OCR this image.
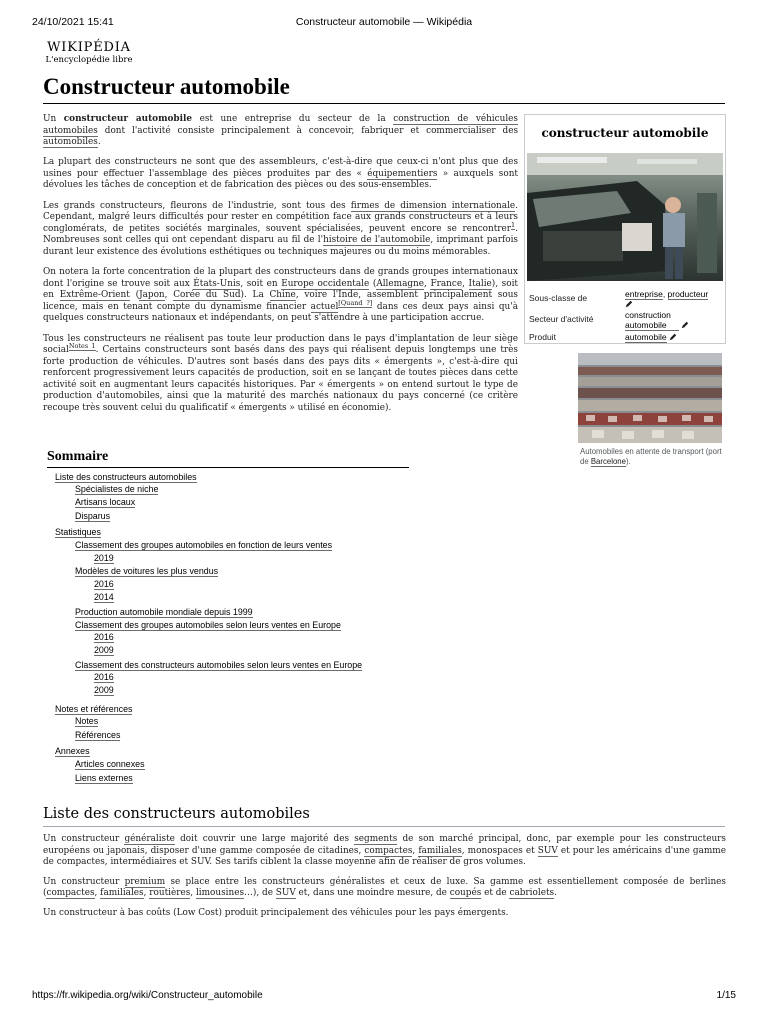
24/10/2021 15:41	Constructeur automobile — Wikipédia
WIKIPÉDIA
L'encyclopédie libre
Constructeur automobile

Un constructeur automobile est une entreprise du secteur de la construction de véhicules automobiles dont l'activité consiste principalement à concevoir, fabriquer et commercialiser des automobiles.

La plupart des constructeurs ne sont que des assembleurs, c'est-à-dire que ceux-ci n'ont plus que des usines pour effectuer l'assemblage des pièces produites par des « équipementiers » auxquels sont dévolues les tâches de conception et de fabrication des pièces ou des sous-ensembles.

Les grands constructeurs, fleurons de l'industrie, sont tous des firmes de dimension internationale. Cependant, malgré leurs difficultés pour rester en compétition face aux grands constructeurs et à leurs conglomérats, de petites sociétés marginales, souvent spécialisées, peuvent encore se rencontrer$^1$. Nombreuses sont celles qui ont cependant disparu au fil de l'histoire de l'automobile, imprimant parfois durant leur existence des évolutions esthétiques ou techniques majeures ou du moins mémorables.

On notera la forte concentration de la plupart des constructeurs dans de grands groupes internationaux dont l'origine se trouve soit aux États-Unis, soit en Europe occidentale (Allemagne, France, Italie), soit en Extrême-Orient (Japon, Corée du Sud). La Chine, voire l'Inde, assemblent principalement sous licence, mais en tenant compte du dynamisme financier actuel[Quand ?] dans ces deux pays ainsi qu'à quelques constructeurs nationaux et indépendants, on peut s'attendre à une participation accrue.

Tous les constructeurs ne réalisent pas toute leur production dans le pays d'implantation de leur siège social$^{Notes 1}$. Certains constructeurs sont basés dans des pays qui réalisent depuis longtemps une très forte production de véhicules. D'autres sont basés dans des pays dits « émergents », c'est-à-dire qui renforcent progressivement leurs capacités de production, soit en se lançant de toutes pièces dans cette activité soit en augmentant leurs capacités historiques. Par « émergents » on entend surtout le type de production d'automobiles, ainsi que la maturité des marchés nationaux du pays concerné (ce critère recoupe très souvent celui du qualificatif « émergents » utilisé en économie).

constructeur automobile
Sous-classe de	entreprise, producteur

Secteur d'activité	construction automobile
Produit	automobile
Automobiles en attente de transport (port de Barcelone).
Sommaire
Liste des constructeurs automobiles
Spécialistes de niche
Artisans locaux
Disparus
Statistiques
Classement des groupes automobiles en fonction de leurs ventes
2019
Modèles de voitures les plus vendus
2016
2014
Production automobile mondiale depuis 1999
Classement des groupes automobiles selon leurs ventes en Europe
2016
2009
Classement des constructeurs automobiles selon leurs ventes en Europe
2016
2009
Notes et références
Notes
Références
Annexes
Articles connexes
Liens externes
Liste des constructeurs automobiles

Un constructeur généraliste doit couvrir une large majorité des segments de son marché principal, donc, par exemple pour les constructeurs européens ou japonais, disposer d'une gamme composée de citadines, compactes, familiales, monospaces et SUV et pour les américains d'une gamme de compactes, intermédiaires et SUV. Ses tarifs ciblent la classe moyenne afin de réaliser de gros volumes.

Un constructeur premium se place entre les constructeurs généralistes et ceux de luxe. Sa gamme est essentiellement composée de berlines (compactes, familiales, routières, limousines…), de SUV et, dans une moindre mesure, de coupés et de cabriolets.

Un constructeur à bas coûts (Low Cost) produit principalement des véhicules pour les pays émergents.

https://fr.wikipedia.org/wiki/Constructeur_automobile	1/15
